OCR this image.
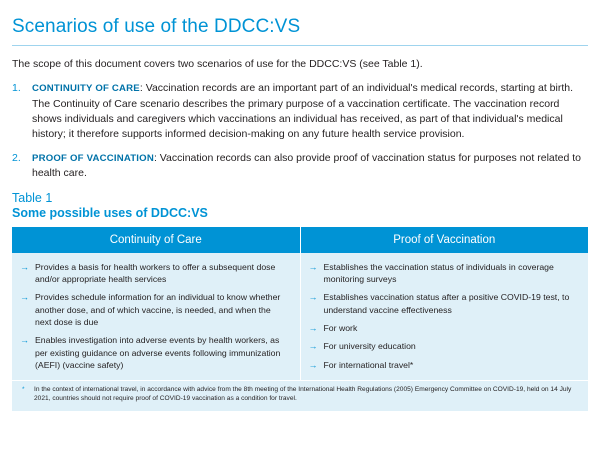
Scenarios of use of the DDCC:VS

The scope of this document covers two scenarios of use for the DDCC:VS (see Table 1).

1. CONTINUITY OF CARE: Vaccination records are an important part of an individual's medical records, starting at birth. The Continuity of Care scenario describes the primary purpose of a vaccination certificate. The vaccination record shows individuals and caregivers which vaccinations an individual has received, as part of that individual's medical history; it therefore supports informed decision-making on any future health service provision.
2. PROOF OF VACCINATION: Vaccination records can also provide proof of vaccination status for purposes not related to health care.
Table 1
Some possible uses of DDCC:VS
Continuity of Care	Proof of Vaccination

→ Provides a basis for health workers to offer a subsequent dose and/or appropriate health services
→ Provides schedule information for an individual to know whether another dose, and of which vaccine, is needed, and when the next dose is due
→ Enables investigation into adverse events by health workers, as per existing guidance on adverse events following immunization (AEFI) (vaccine safety)

→ Establishes the vaccination status of individuals in coverage monitoring surveys
→ Establishes vaccination status after a positive COVID-19 test, to understand vaccine effectiveness
→ For work
→ For university education
→ For international travel*

* In the context of international travel, in accordance with advice from the 8th meeting of the International Health Regulations (2005) Emergency Committee on COVID-19, held on 14 July 2021, countries should not require proof of COVID-19 vaccination as a condition for travel.	
